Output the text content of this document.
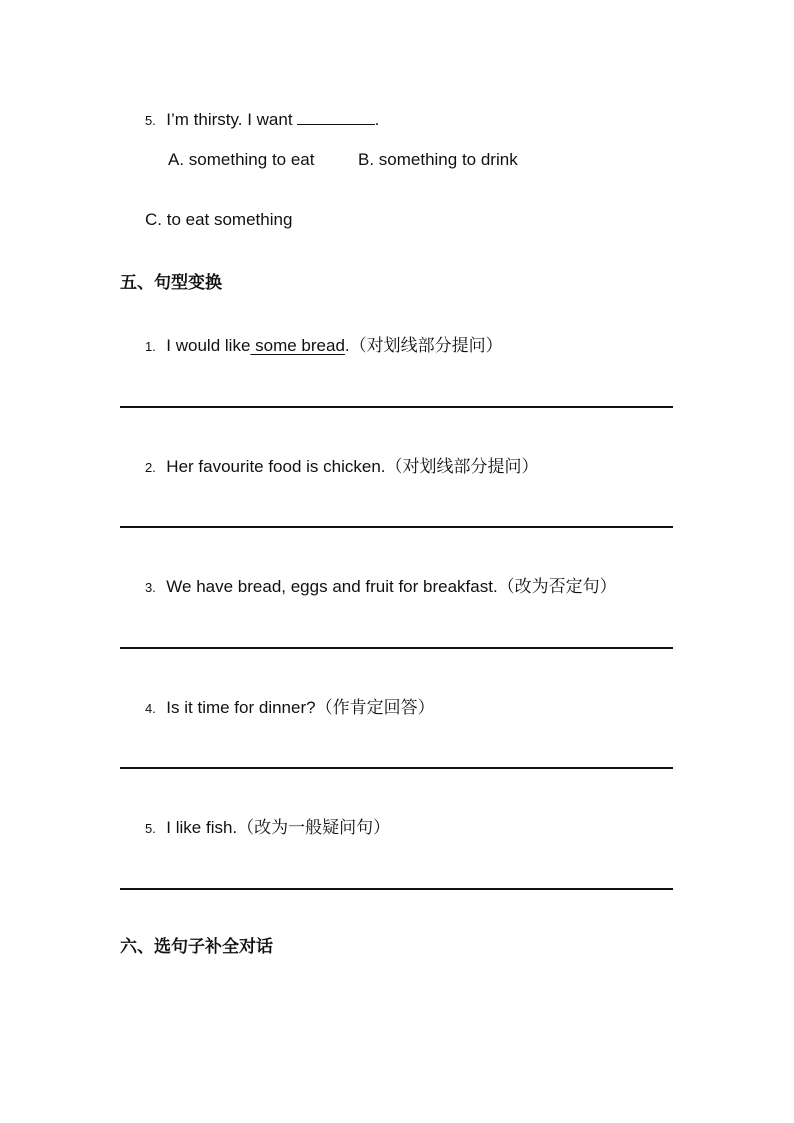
5. I’m thirsty. I want	.
A. something to eat	B. something to drink
C. to eat something
五、句型变换
1. I would like some bread.（对划线部分提问）
2. Her favourite food is chicken.（对划线部分提问）
3. We have bread, eggs and fruit for breakfast.（改为否定句）
4. Is it time for dinner?（作肯定回答）
5. I like fish.（改为一般疑问句）
六、选句子补全对话
